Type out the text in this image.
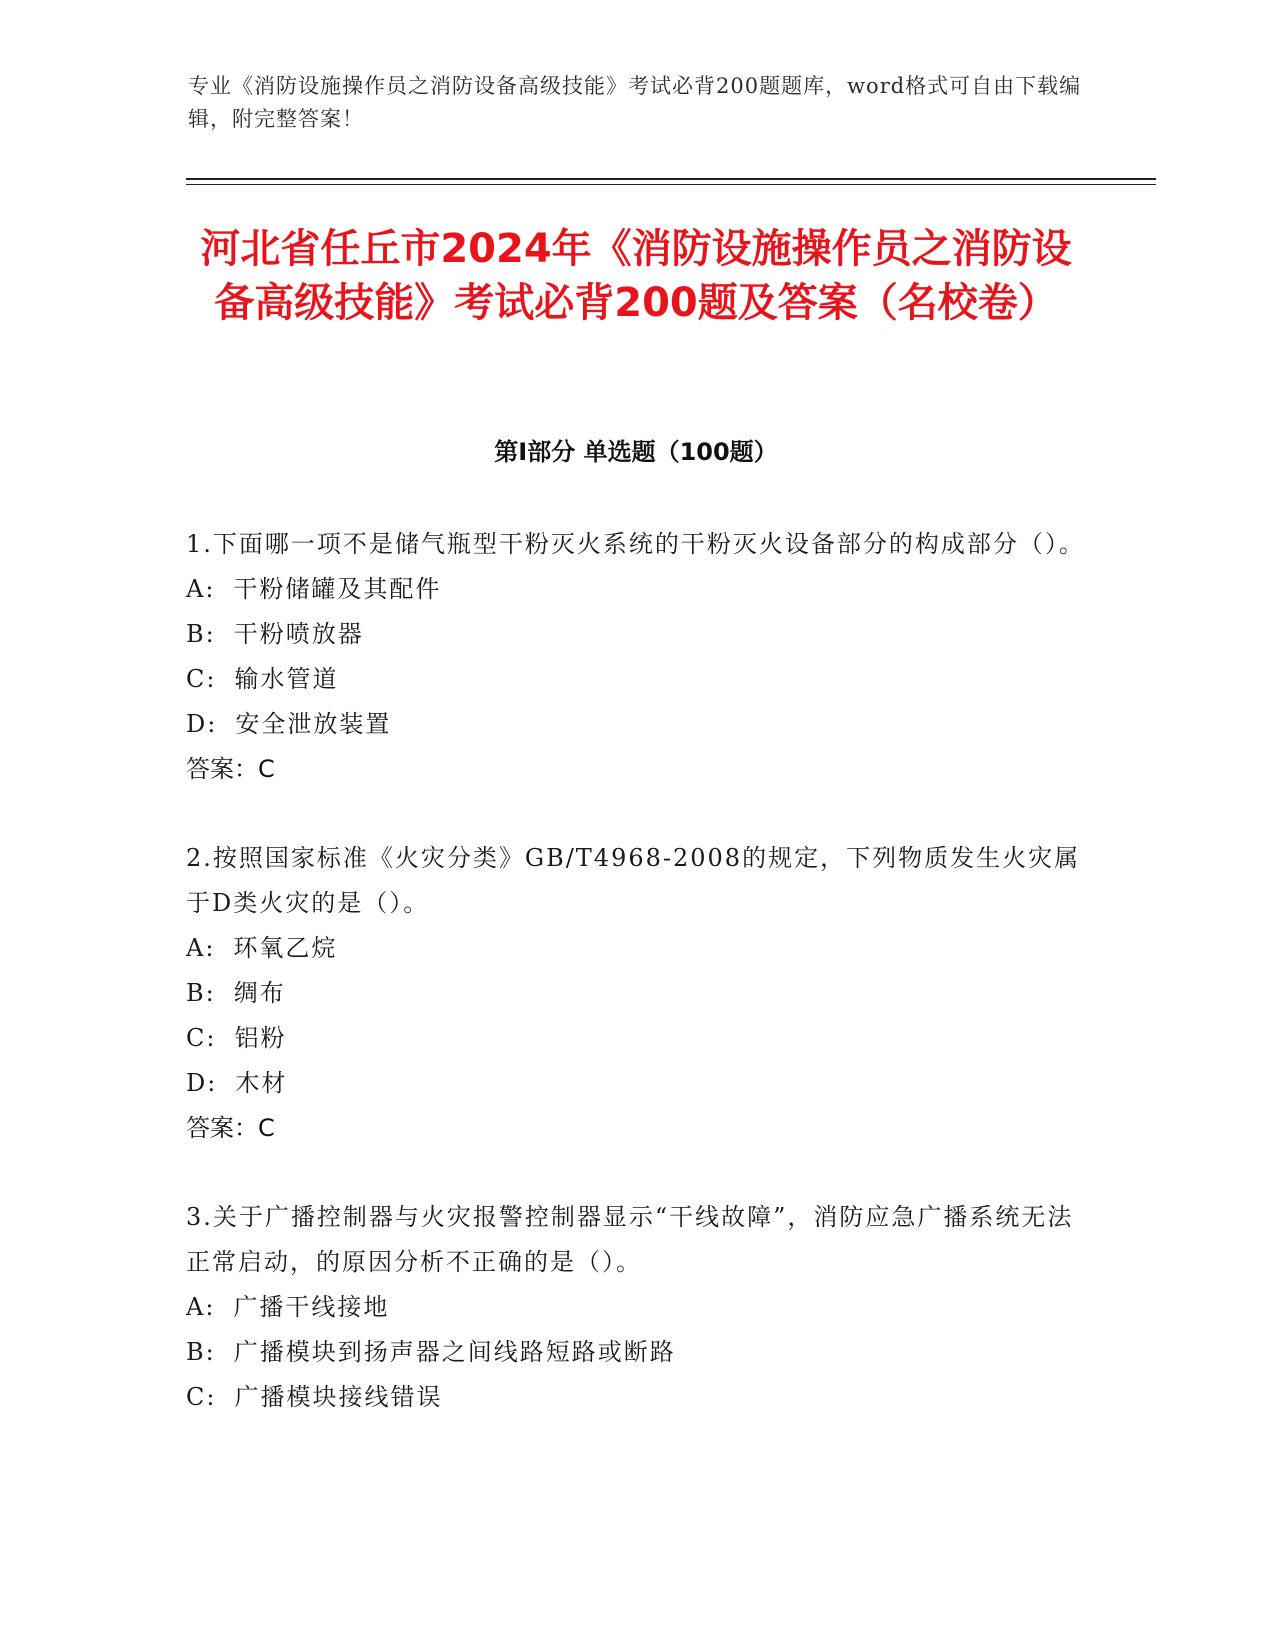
专业《消防设施操作员之消防设备高级技能》考试必背200题题库，word格式可自由下载编辑，附完整答案！
河北省任丘市2024年《消防设施操作员之消防设备高级技能》考试必背200题及答案（名校卷）
第Ⅰ部分 单选题（100题）

1.下面哪一项不是储气瓶型干粉灭火系统的干粉灭火设备部分的构成部分（）。

A: 干粉储罐及其配件

B: 干粉喷放器

C: 输水管道

D: 安全泄放装置

答案：C

2.按照国家标准《火灾分类》GB/T4968-2008的规定，下列物质发生火灾属于D类火灾的是（）。

A: 环氧乙烷

B: 绸布

C: 铝粉

D: 木材

答案：C

3.关于广播控制器与火灾报警控制器显示“干线故障”，消防应急广播系统无法正常启动，的原因分析不正确的是（）。

A: 广播干线接地

B: 广播模块到扬声器之间线路短路或断路

C: 广播模块接线错误
